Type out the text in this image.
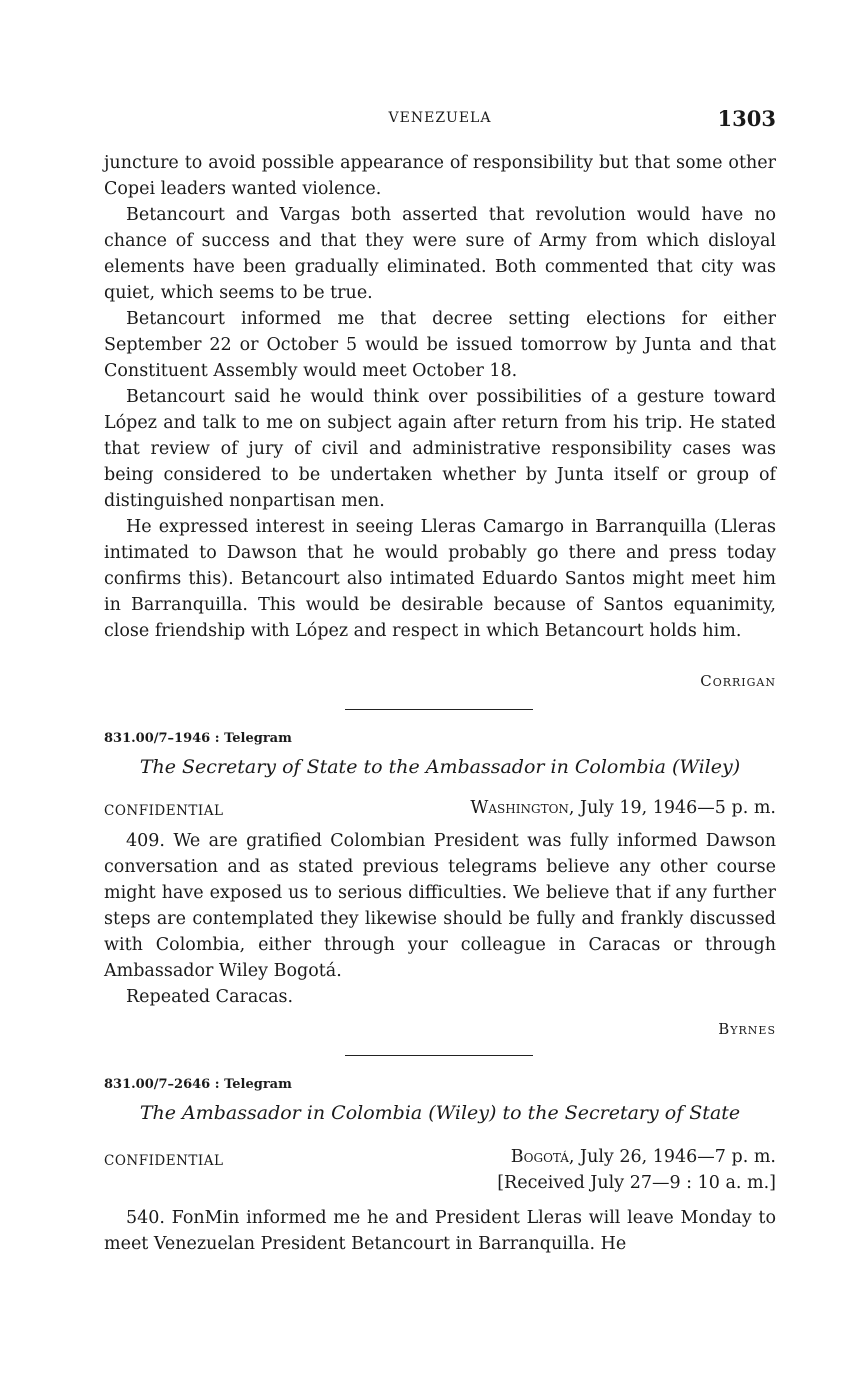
VENEZUELA	1303

juncture to avoid possible appearance of responsibility but that some other Copei leaders wanted violence.

Betancourt and Vargas both asserted that revolution would have no chance of success and that they were sure of Army from which disloyal elements have been gradually eliminated. Both commented that city was quiet, which seems to be true.

Betancourt informed me that decree setting elections for either September 22 or October 5 would be issued tomorrow by Junta and that Constituent Assembly would meet October 18.

Betancourt said he would think over possibilities of a gesture toward López and talk to me on subject again after return from his trip. He stated that review of jury of civil and administrative responsibility cases was being considered to be undertaken whether by Junta itself or group of distinguished nonpartisan men.

He expressed interest in seeing Lleras Camargo in Barranquilla (Lleras intimated to Dawson that he would probably go there and press today confirms this). Betancourt also intimated Eduardo Santos might meet him in Barranquilla. This would be desirable because of Santos equanimity, close friendship with López and respect in which Betancourt holds him.

Corrigan
831.00/7–1946 : Telegram
The Secretary of State to the Ambassador in Colombia (Wiley)
CONFIDENTIAL	Washington, July 19, 1946—5 p. m.

409. We are gratified Colombian President was fully informed Dawson conversation and as stated previous telegrams believe any other course might have exposed us to serious difficulties. We believe that if any further steps are contemplated they likewise should be fully and frankly discussed with Colombia, either through your colleague in Caracas or through Ambassador Wiley Bogotá.

Repeated Caracas.

Byrnes
831.00/7–2646 : Telegram
The Ambassador in Colombia (Wiley) to the Secretary of State
CONFIDENTIAL	Bogotá, July 26, 1946—7 p. m.
[Received July 27—9 : 10 a. m.]

540. FonMin informed me he and President Lleras will leave Monday to meet Venezuelan President Betancourt in Barranquilla. He
